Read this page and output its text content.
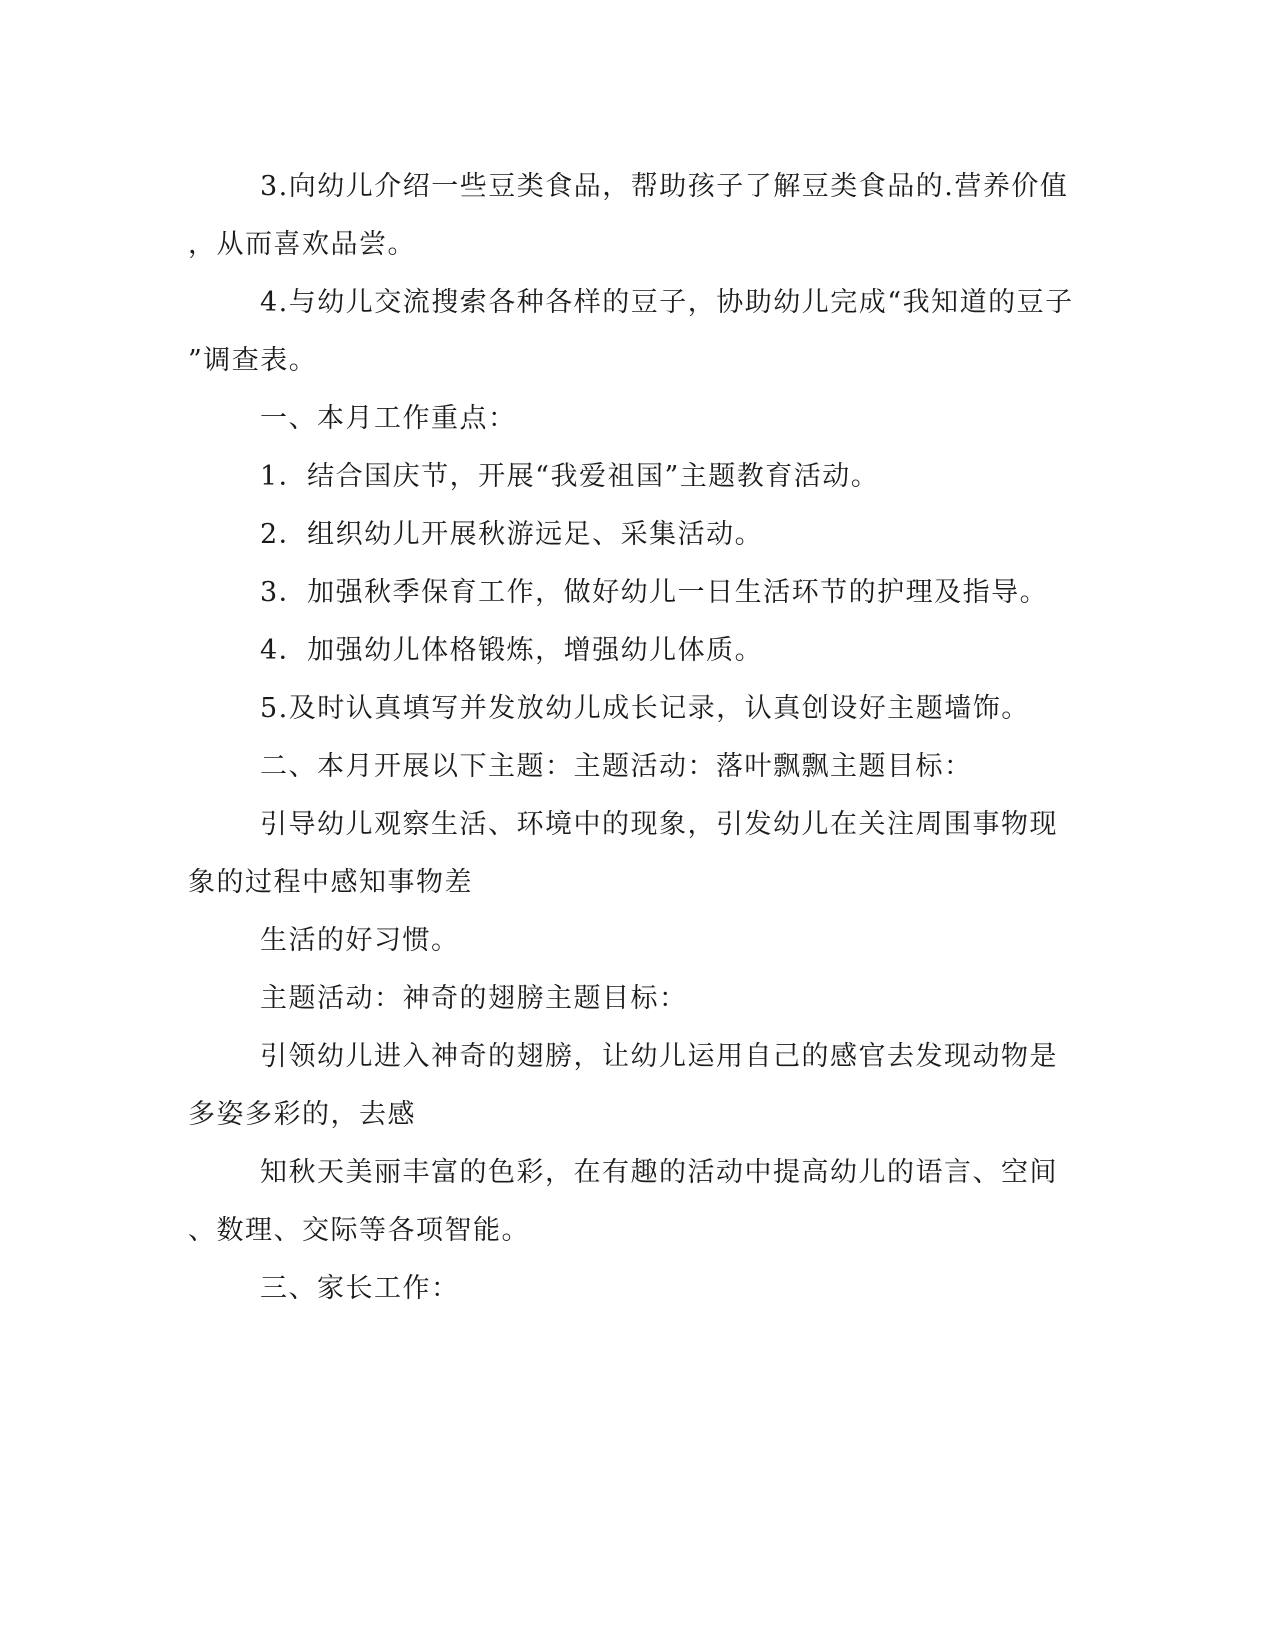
3.向幼儿介绍一些豆类食品，帮助孩子了解豆类食品的.营养价值

，从而喜欢品尝。

4.与幼儿交流搜索各种各样的豆子，协助幼儿完成“我知道的豆子

”调查表。

一、本月工作重点：

1．结合国庆节，开展“我爱祖国”主题教育活动。

2．组织幼儿开展秋游远足、采集活动。

3．加强秋季保育工作，做好幼儿一日生活环节的护理及指导。

4．加强幼儿体格锻炼，增强幼儿体质。

5.及时认真填写并发放幼儿成长记录，认真创设好主题墙饰。

二、本月开展以下主题：主题活动：落叶飘飘主题目标：

引导幼儿观察生活、环境中的现象，引发幼儿在关注周围事物现

象的过程中感知事物差

生活的好习惯。

主题活动：神奇的翅膀主题目标：

引领幼儿进入神奇的翅膀，让幼儿运用自己的感官去发现动物是

多姿多彩的，去感

知秋天美丽丰富的色彩，在有趣的活动中提高幼儿的语言、空间

、数理、交际等各项智能。

三、家长工作：
